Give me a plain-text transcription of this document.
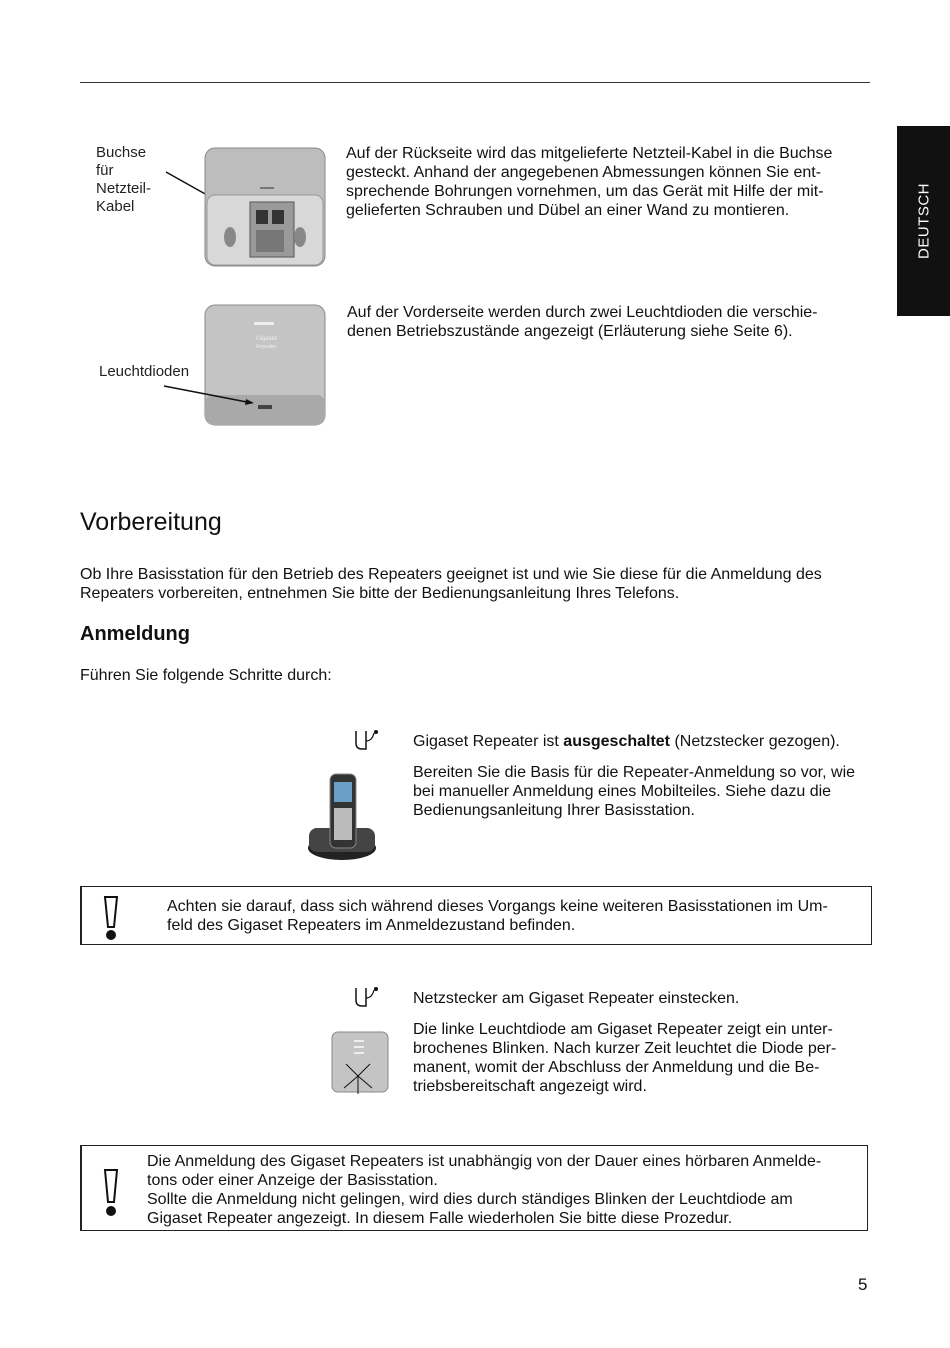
DEUTSCH
Buchse
für
Netzteil-
Kabel
Auf der Rückseite wird das mitgelieferte Netzteil-Kabel in die Buchse
gesteckt. Anhand der angegebenen Abmessungen können Sie ent-
sprechende Bohrungen vornehmen, um das Gerät mit Hilfe der mit-
gelieferten Schrauben und Dübel an einer Wand zu montieren.
Gigaset
Repeater
Leuchtdioden
Auf der Vorderseite werden durch zwei Leuchtdioden die verschie-
denen Betriebszustände angezeigt (Erläuterung siehe Seite 6).
Vorbereitung
Ob Ihre Basisstation für den Betrieb des Repeaters geeignet ist und wie Sie diese für die Anmeldung des
Repeaters vorbereiten, entnehmen Sie bitte der Bedienungsanleitung Ihres Telefons.
Anmeldung
Führen Sie folgende Schritte durch:
Gigaset Repeater ist ausgeschaltet (Netzstecker gezogen).
Bereiten Sie die Basis für die Repeater-Anmeldung so vor, wie
bei manueller Anmeldung eines Mobilteiles. Siehe dazu die
Bedienungsanleitung Ihrer Basisstation.
Achten sie darauf, dass sich während dieses Vorgangs keine weiteren Basisstationen im Um-
feld des Gigaset Repeaters im Anmeldezustand befinden.
Netzstecker am Gigaset Repeater einstecken.
Die linke Leuchtdiode am Gigaset Repeater zeigt ein unter-
brochenes Blinken. Nach kurzer Zeit leuchtet die Diode per-
manent, womit der Abschluss der Anmeldung und die Be-
triebsbereitschaft angezeigt wird.
Die Anmeldung des Gigaset Repeaters ist unabhängig von der Dauer eines hörbaren Anmelde-
tons oder einer Anzeige der Basisstation.
Sollte die Anmeldung nicht gelingen, wird dies durch ständiges Blinken der Leuchtdiode am
Gigaset Repeater angezeigt. In diesem Falle wiederholen Sie bitte diese Prozedur.
5
